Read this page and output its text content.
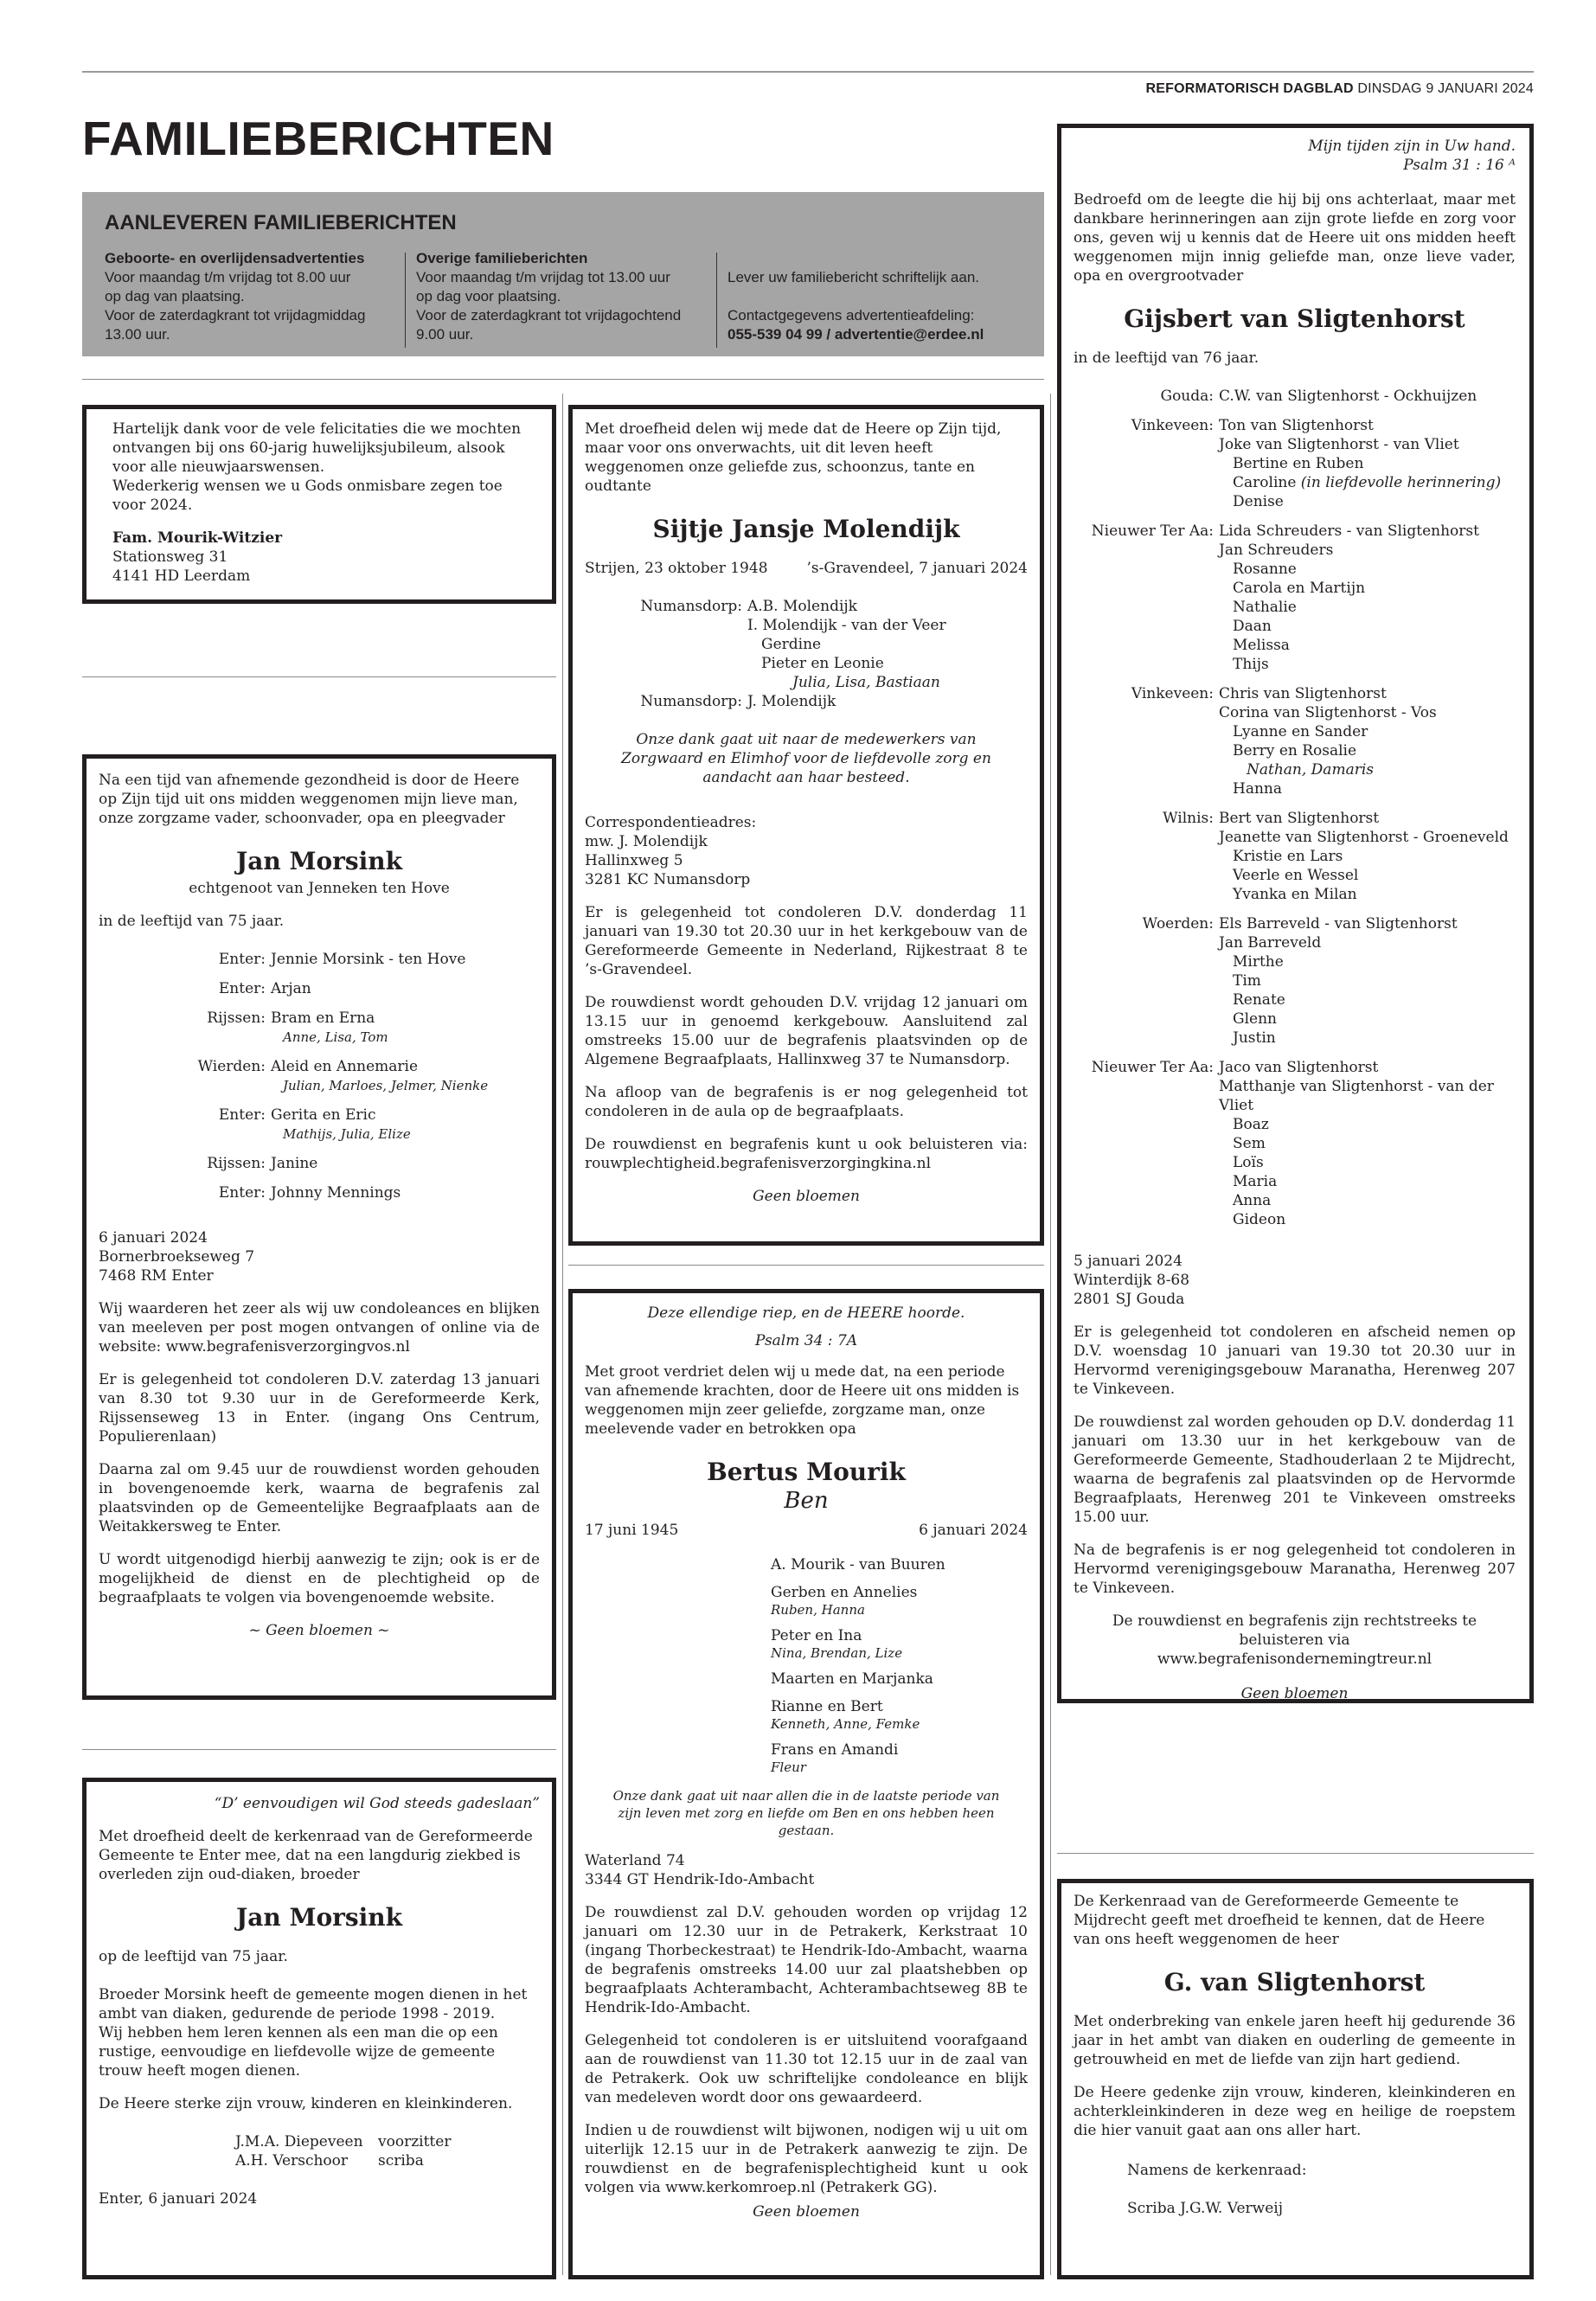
REFORMATORISCH DAGBLAD DINSDAG 9 JANUARI 2024
FAMILIEBERICHTEN
AANLEVEREN FAMILIEBERICHTEN
Geboorte- en overlijdensadvertenties
Voor maandag t/m vrijdag tot 8.00 uur
op dag van plaatsing.
Voor de zaterdagkrant tot vrijdagmiddag
13.00 uur.
Overige familieberichten
Voor maandag t/m vrijdag tot 13.00 uur
op dag voor plaatsing.
Voor de zaterdagkrant tot vrijdagochtend
9.00 uur.
Lever uw familiebericht schriftelijk aan.
Contactgegevens advertentieafdeling:
055-539 04 99 / advertentie@erdee.nl

Hartelijk dank voor de vele felicitaties die we mochten ontvangen bij ons 60-jarig huwelijksjubileum, alsook voor alle nieuwjaarswensen.

Wederkerig wensen we u Gods onmisbare zegen toe voor 2024.

Fam. Mourik-Witzier

Stationsweg 31

4141 HD Leerdam

Na een tijd van afnemende gezondheid is door de Heere op Zijn tijd uit ons midden weggenomen mijn lieve man, onze zorgzame vader, schoonvader, opa en pleegvader

Jan Morsink

echtgenoot van Jenneken ten Hove

in de leeftijd van 75 jaar.

Enter: Jennie Morsink - ten Hove
Enter: Arjan
Rijssen: Bram en Erna
Anne, Lisa, Tom
Wierden: Aleid en Annemarie
Julian, Marloes, Jelmer, Nienke
Enter: Gerita en Eric
Mathijs, Julia, Elize
Rijssen: Janine
Enter: Johnny Mennings

6 januari 2024

Bornerbroekseweg 7

7468 RM Enter

Wij waarderen het zeer als wij uw condoleances en blijken van meeleven per post mogen ontvangen of online via de website: www.begrafenisverzorgingvos.nl

Er is gelegenheid tot condoleren D.V. zaterdag 13 januari van 8.30 tot 9.30 uur in de Gereformeerde Kerk, Rijssenseweg 13 in Enter. (ingang Ons Centrum, Populierenlaan)

Daarna zal om 9.45 uur de rouwdienst worden gehouden in bovengenoemde kerk, waarna de begrafenis zal plaatsvinden op de Gemeentelijke Begraafplaats aan de Weitakkersweg te Enter.

U wordt uitgenodigd hierbij aanwezig te zijn; ook is er de mogelijkheid de dienst en de plechtigheid op de begraafplaats te volgen via bovengenoemde website.

~ Geen bloemen ~

“D’ eenvoudigen wil God steeds gadeslaan”

Met droefheid deelt de kerkenraad van de Gereformeerde Gemeente te Enter mee, dat na een langdurig ziekbed is overleden zijn oud-diaken, broeder

Jan Morsink

op de leeftijd van 75 jaar.

Broeder Morsink heeft de gemeente mogen dienen in het ambt van diaken, gedurende de periode 1998 - 2019.

Wij hebben hem leren kennen als een man die op een rustige, eenvoudige en liefdevolle wijze de gemeente trouw heeft mogen dienen.

De Heere sterke zijn vrouw, kinderen en kleinkinderen.

J.M.A. Diepeveen	voorzitter
A.H. Verschoor	scriba

Enter, 6 januari 2024

Met droefheid delen wij mede dat de Heere op Zijn tijd, maar voor ons onverwachts, uit dit leven heeft weggenomen onze geliefde zus, schoonzus, tante en oudtante

Sijtje Jansje Molendijk
Strijen, 23 oktober 1948	’s-Gravendeel, 7 januari 2024
Numansdorp: A.B. Molendijk
I. Molendijk - van der Veer
Gerdine
Pieter en Leonie
Julia, Lisa, Bastiaan
Numansdorp: J. Molendijk

Onze dank gaat uit naar de medewerkers van Zorgwaard en Elimhof voor de liefdevolle zorg en aandacht aan haar besteed.

Correspondentieadres:

mw. J. Molendijk

Hallinxweg 5

3281 KC Numansdorp

Er is gelegenheid tot condoleren D.V. donderdag 11 januari van 19.30 tot 20.30 uur in het kerkgebouw van de Gereformeerde Gemeente in Nederland, Rijkestraat 8 te ’s-Gravendeel.

De rouwdienst wordt gehouden D.V. vrijdag 12 januari om 13.15 uur in genoemd kerkgebouw. Aansluitend zal omstreeks 15.00 uur de begrafenis plaatsvinden op de Algemene Begraafplaats, Hallinxweg 37 te Numansdorp.

Na afloop van de begrafenis is er nog gelegenheid tot condoleren in de aula op de begraafplaats.

De rouwdienst en begrafenis kunt u ook beluisteren via: rouwplechtigheid.begrafenisverzorgingkina.nl

Geen bloemen

Deze ellendige riep, en de HEERE hoorde.

Psalm 34 : 7A

Met groot verdriet delen wij u mede dat, na een periode van afnemende krachten, door de Heere uit ons midden is weggenomen mijn zeer geliefde, zorgzame man, onze meelevende vader en betrokken opa

Bertus Mourik
Ben
17 juni 1945	6 januari 2024
A. Mourik - van Buuren
Gerben en Annelies
Ruben, Hanna
Peter en Ina
Nina, Brendan, Lize
Maarten en Marjanka
Rianne en Bert
Kenneth, Anne, Femke
Frans en Amandi
Fleur

Onze dank gaat uit naar allen die in de laatste periode van zijn leven met zorg en liefde om Ben en ons hebben heen gestaan.

Waterland 74

3344 GT Hendrik-Ido-Ambacht

De rouwdienst zal D.V. gehouden worden op vrijdag 12 januari om 12.30 uur in de Petrakerk, Kerkstraat 10 (ingang Thorbeckestraat) te Hendrik-Ido-Ambacht, waarna de begrafenis omstreeks 14.00 uur zal plaatshebben op begraafplaats Achterambacht, Achterambachtseweg 8B te Hendrik-Ido-Ambacht.

Gelegenheid tot condoleren is er uitsluitend voorafgaand aan de rouwdienst van 11.30 tot 12.15 uur in de zaal van de Petrakerk. Ook uw schriftelijke condoleance en blijk van medeleven wordt door ons gewaardeerd.

Indien u de rouwdienst wilt bijwonen, nodigen wij u uit om uiterlijk 12.15 uur in de Petrakerk aanwezig te zijn. De rouwdienst en de begrafenisplechtigheid kunt u ook volgen via www.kerkomroep.nl (Petrakerk GG).

Geen bloemen

Mijn tijden zijn in Uw hand.

Psalm 31 : 16 ᴬ

Bedroefd om de leegte die hij bij ons achterlaat, maar met dankbare herinneringen aan zijn grote liefde en zorg voor ons, geven wij u kennis dat de Heere uit ons midden heeft weggenomen mijn innig geliefde man, onze lieve vader, opa en overgrootvader

Gijsbert van Sligtenhorst

in de leeftijd van 76 jaar.

Gouda: C.W. van Sligtenhorst - Ockhuijzen
Vinkeveen: Ton van Sligtenhorst
Joke van Sligtenhorst - van Vliet
Bertine en Ruben
Caroline (in liefdevolle herinnering)
Denise
Nieuwer Ter Aa: Lida Schreuders - van Sligtenhorst
Jan Schreuders
Rosanne
Carola en Martijn
Nathalie
Daan
Melissa
Thijs
Vinkeveen: Chris van Sligtenhorst
Corina van Sligtenhorst - Vos
Lyanne en Sander
Berry en Rosalie
Nathan, Damaris
Hanna
Wilnis: Bert van Sligtenhorst
Jeanette van Sligtenhorst - Groeneveld
Kristie en Lars
Veerle en Wessel
Yvanka en Milan
Woerden: Els Barreveld - van Sligtenhorst
Jan Barreveld
Mirthe
Tim
Renate
Glenn
Justin
Nieuwer Ter Aa: Jaco van Sligtenhorst
Matthanje van Sligtenhorst - van der Vliet
Boaz
Sem
Loïs
Maria
Anna
Gideon

5 januari 2024

Winterdijk 8-68

2801 SJ Gouda

Er is gelegenheid tot condoleren en afscheid nemen op D.V. woensdag 10 januari van 19.30 tot 20.30 uur in Hervormd verenigingsgebouw Maranatha, Herenweg 207 te Vinkeveen.

De rouwdienst zal worden gehouden op D.V. donderdag 11 januari om 13.30 uur in het kerkgebouw van de Gereformeerde Gemeente, Stadhouderlaan 2 te Mijdrecht, waarna de begrafenis zal plaatsvinden op de Hervormde Begraafplaats, Herenweg 201 te Vinkeveen omstreeks 15.00 uur.

Na de begrafenis is er nog gelegenheid tot condoleren in Hervormd verenigingsgebouw Maranatha, Herenweg 207 te Vinkeveen.

De rouwdienst en begrafenis zijn rechtstreeks te beluisteren via

www.begrafenisondernemingtreur.nl

Geen bloemen

De Kerkenraad van de Gereformeerde Gemeente te Mijdrecht geeft met droefheid te kennen, dat de Heere van ons heeft weggenomen de heer

G. van Sligtenhorst

Met onderbreking van enkele jaren heeft hij gedurende 36 jaar in het ambt van diaken en ouderling de gemeente in getrouwheid en met de liefde van zijn hart gediend.

De Heere gedenke zijn vrouw, kinderen, kleinkinderen en achterkleinkinderen in deze weg en heilige de roepstem die hier vanuit gaat aan ons aller hart.

Namens de kerkenraad:

Scriba J.G.W. Verweij
